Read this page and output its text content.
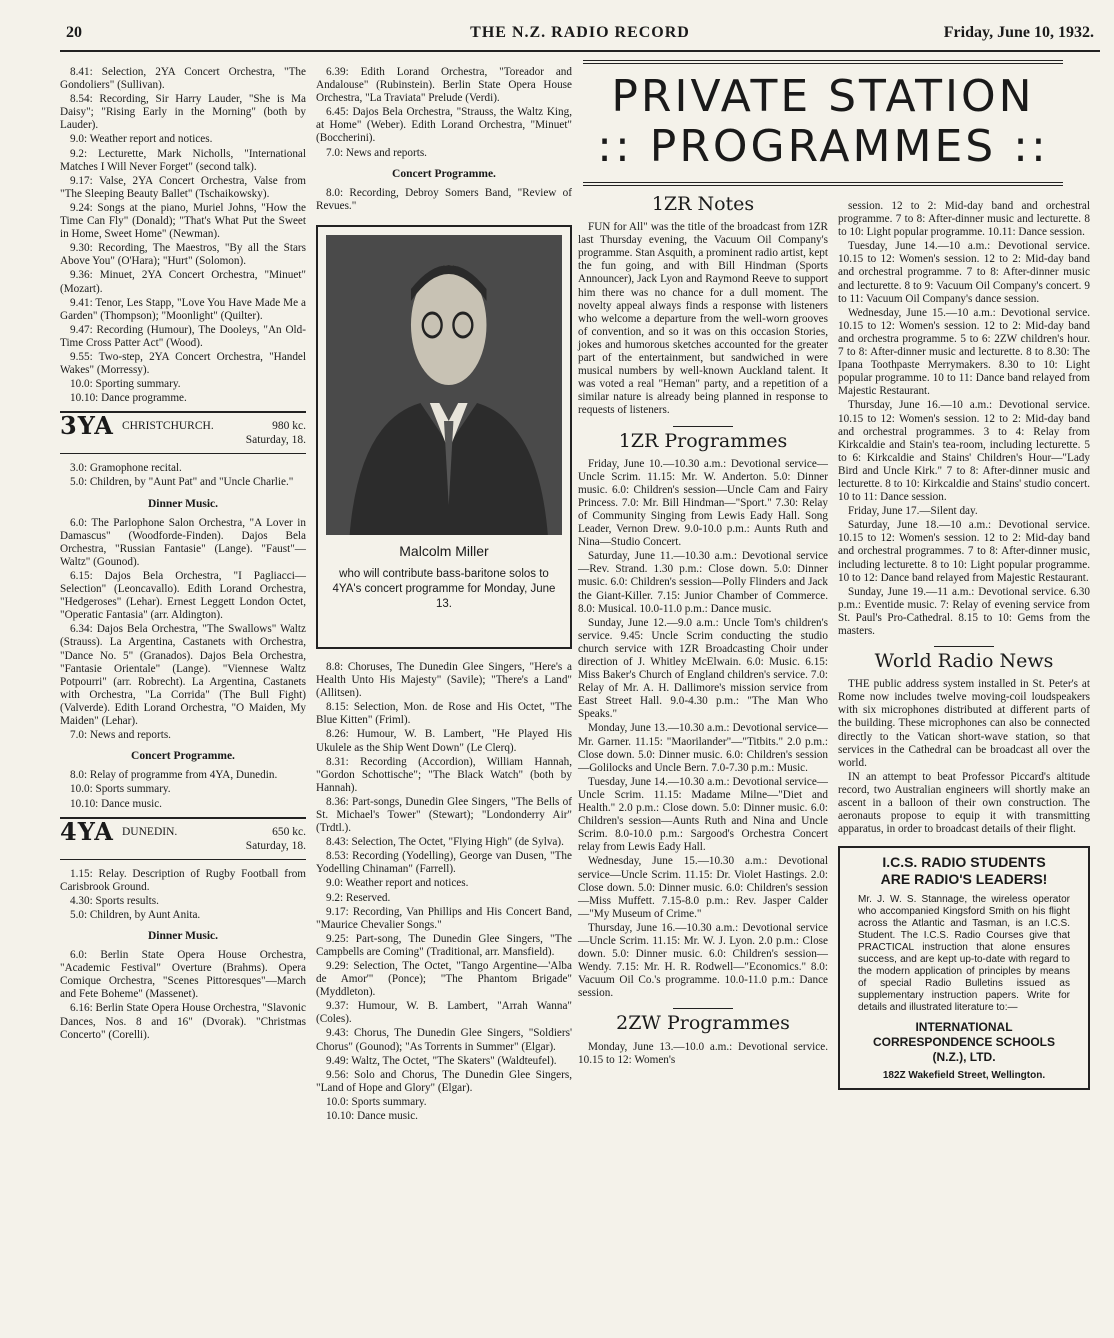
20	THE N.Z. RADIO RECORD	Friday, June 10, 1932.

8.41: Selection, 2YA Concert Orchestra, "The Gondoliers" (Sullivan).

8.54: Recording, Sir Harry Lauder, "She is Ma Daisy"; "Rising Early in the Morning" (both by Lauder).

9.0: Weather report and notices.

9.2: Lecturette, Mark Nicholls, "International Matches I Will Never Forget" (second talk).

9.17: Valse, 2YA Concert Orchestra, Valse from "The Sleeping Beauty Ballet" (Tschaikowsky).

9.24: Songs at the piano, Muriel Johns, "How the Time Can Fly" (Donald); "That's What Put the Sweet in Home, Sweet Home" (Newman).

9.30: Recording, The Maestros, "By all the Stars Above You" (O'Hara); "Hurt" (Solomon).

9.36: Minuet, 2YA Concert Orchestra, "Minuet" (Mozart).

9.41: Tenor, Les Stapp, "Love You Have Made Me a Garden" (Thompson); "Moonlight" (Quilter).

9.47: Recording (Humour), The Dooleys, "An Old-Time Cross Patter Act" (Wood).

9.55: Two-step, 2YA Concert Orchestra, "Handel Wakes" (Morressy).

10.0: Sporting summary.

10.10: Dance programme.

3YA CHRISTCHURCH.	980 kc.
Saturday, 18.

3.0: Gramophone recital.

5.0: Children, by "Aunt Pat" and "Uncle Charlie."

Dinner Music.

6.0: The Parlophone Salon Orchestra, "A Lover in Damascus" (Woodforde-Finden). Dajos Bela Orchestra, "Russian Fantasie" (Lange). "Faust"—Waltz" (Gounod).

6.15: Dajos Bela Orchestra, "I Pagliacci—Selection" (Leoncavallo). Edith Lorand Orchestra, "Hedgeroses" (Lehar). Ernest Leggett London Octet, "Operatic Fantasia" (arr. Aldington).

6.34: Dajos Bela Orchestra, "The Swallows" Waltz (Strauss). La Argentina, Castanets with Orchestra, "Dance No. 5" (Granados). Dajos Bela Orchestra, "Fantasie Orientale" (Lange). "Viennese Waltz Potpourri" (arr. Robrecht). La Argentina, Castanets with Orchestra, "La Corrida" (The Bull Fight) (Valverde). Edith Lorand Orchestra, "O Maiden, My Maiden" (Lehar).

7.0: News and reports.

Concert Programme.

8.0: Relay of programme from 4YA, Dunedin.

10.0: Sports summary.

10.10: Dance music.

4YA DUNEDIN.	650 kc.
Saturday, 18.

1.15: Relay. Description of Rugby Football from Carisbrook Ground.

4.30: Sports results.

5.0: Children, by Aunt Anita.

Dinner Music.

6.0: Berlin State Opera House Orchestra, "Academic Festival" Overture (Brahms). Opera Comique Orchestra, "Scenes Pittoresques"—March and Fete Boheme" (Massenet).

6.16: Berlin State Opera House Orchestra, "Slavonic Dances, Nos. 8 and 16" (Dvorak). "Christmas Concerto" (Corelli).

6.39: Edith Lorand Orchestra, "Toreador and Andalouse" (Rubinstein). Berlin State Opera House Orchestra, "La Traviata" Prelude (Verdi).

6.45: Dajos Bela Orchestra, "Strauss, the Waltz King, at Home" (Weber). Edith Lorand Orchestra, "Minuet" (Boccherini).

7.0: News and reports.

Concert Programme.

8.0: Recording, Debroy Somers Band, "Review of Revues."

Malcolm Miller
who will contribute bass-baritone solos to 4YA's concert programme for Monday, June 13.

8.8: Choruses, The Dunedin Glee Singers, "Here's a Health Unto His Majesty" (Savile); "There's a Land" (Allitsen).

8.15: Selection, Mon. de Rose and His Octet, "The Blue Kitten" (Friml).

8.26: Humour, W. B. Lambert, "He Played His Ukulele as the Ship Went Down" (Le Clerq).

8.31: Recording (Accordion), William Hannah, "Gordon Schottische"; "The Black Watch" (both by Hannah).

8.36: Part-songs, Dunedin Glee Singers, "The Bells of St. Michael's Tower" (Stewart); "Londonderry Air" (Trdtl.).

8.43: Selection, The Octet, "Flying High" (de Sylva).

8.53: Recording (Yodelling), George van Dusen, "The Yodelling Chinaman" (Farrell).

9.0: Weather report and notices.

9.2: Reserved.

9.17: Recording, Van Phillips and His Concert Band, "Maurice Chevalier Songs."

9.25: Part-song, The Dunedin Glee Singers, "The Campbells are Coming" (Traditional, arr. Mansfield).

9.29: Selection, The Octet, "Tango Argentine—'Alba de Amor'" (Ponce); "The Phantom Brigade" (Myddleton).

9.37: Humour, W. B. Lambert, "Arrah Wanna" (Coles).

9.43: Chorus, The Dunedin Glee Singers, "Soldiers' Chorus" (Gounod); "As Torrents in Summer" (Elgar).

9.49: Waltz, The Octet, "The Skaters" (Waldteufel).

9.56: Solo and Chorus, The Dunedin Glee Singers, "Land of Hope and Glory" (Elgar).

10.0: Sports summary.

10.10: Dance music.

PRIVATE STATION
:: PROGRAMMES ::
1ZR Notes

FUN for All" was the title of the broadcast from 1ZR last Thursday evening, the Vacuum Oil Company's programme. Stan Asquith, a prominent radio artist, kept the fun going, and with Bill Hindman (Sports Announcer), Jack Lyon and Raymond Reeve to support him there was no chance for a dull moment. The novelty appeal always finds a response with listeners who welcome a departure from the well-worn grooves of convention, and so it was on this occasion Stories, jokes and humorous sketches accounted for the greater part of the entertainment, but sandwiched in were musical numbers by well-known Auckland talent. It was voted a real "Heman" party, and a repetition of a similar nature is already being planned in response to requests of listeners.

1ZR Programmes

Friday, June 10.—10.30 a.m.: Devotional service—Uncle Scrim. 11.15: Mr. W. Anderton. 5.0: Dinner music. 6.0: Children's session—Uncle Cam and Fairy Princess. 7.0: Mr. Bill Hindman—"Sport." 7.30: Relay of Community Singing from Lewis Eady Hall. Song Leader, Vernon Drew. 9.0-10.0 p.m.: Aunts Ruth and Nina—Studio Concert.

Saturday, June 11.—10.30 a.m.: Devotional service—Rev. Strand. 1.30 p.m.: Close down. 5.0: Dinner music. 6.0: Children's session—Polly Flinders and Jack the Giant-Killer. 7.15: Junior Chamber of Commerce. 8.0: Musical. 10.0-11.0 p.m.: Dance music.

Sunday, June 12.—9.0 a.m.: Uncle Tom's children's service. 9.45: Uncle Scrim conducting the studio church service with 1ZR Broadcasting Choir under direction of J. Whitley McElwain. 6.0: Music. 6.15: Miss Baker's Church of England children's service. 7.0: Relay of Mr. A. H. Dallimore's mission service from East Street Hall. 9.0-4.30 p.m.: "The Man Who Speaks."

Monday, June 13.—10.30 a.m.: Devotional service—Mr. Garner. 11.15: "Maorilander"—"Titbits." 2.0 p.m.: Close down. 5.0: Dinner music. 6.0: Children's session—Golilocks and Uncle Bern. 7.0-7.30 p.m.: Music.

Tuesday, June 14.—10.30 a.m.: Devotional service—Uncle Scrim. 11.15: Madame Milne—"Diet and Health." 2.0 p.m.: Close down. 5.0: Dinner music. 6.0: Children's session—Aunts Ruth and Nina and Uncle Scrim. 8.0-10.0 p.m.: Sargood's Orchestra Concert relay from Lewis Eady Hall.

Wednesday, June 15.—10.30 a.m.: Devotional service—Uncle Scrim. 11.15: Dr. Violet Hastings. 2.0: Close down. 5.0: Dinner music. 6.0: Children's session—Miss Muffett. 7.15-8.0 p.m.: Rev. Jasper Calder—"My Museum of Crime."

Thursday, June 16.—10.30 a.m.: Devotional service—Uncle Scrim. 11.15: Mr. W. J. Lyon. 2.0 p.m.: Close down. 5.0: Dinner music. 6.0: Children's session—Wendy. 7.15: Mr. H. R. Rodwell—"Economics." 8.0: Vacuum Oil Co.'s programme. 10.0-11.0 p.m.: Dance session.

2ZW Programmes

Monday, June 13.—10.0 a.m.: Devotional service. 10.15 to 12: Women's

session. 12 to 2: Mid-day band and orchestral programme. 7 to 8: After-dinner music and lecturette. 8 to 10: Light popular programme. 10.11: Dance session.

Tuesday, June 14.—10 a.m.: Devotional service. 10.15 to 12: Women's session. 12 to 2: Mid-day band and orchestral programme. 7 to 8: After-dinner music and lecturette. 8 to 9: Vacuum Oil Company's concert. 9 to 11: Vacuum Oil Company's dance session.

Wednesday, June 15.—10 a.m.: Devotional service. 10.15 to 12: Women's session. 12 to 2: Mid-day band and orchestra programme. 5 to 6: 2ZW children's hour. 7 to 8: After-dinner music and lecturette. 8 to 8.30: The Ipana Toothpaste Merrymakers. 8.30 to 10: Light popular programme. 10 to 11: Dance band relayed from Majestic Restaurant.

Thursday, June 16.—10 a.m.: Devotional service. 10.15 to 12: Women's session. 12 to 2: Mid-day band and orchestral programmes. 3 to 4: Relay from Kirkcaldie and Stain's tea-room, including lecturette. 5 to 6: Kirkcaldie and Stains' Children's Hour—"Lady Bird and Uncle Kirk." 7 to 8: After-dinner music and lecturette. 8 to 10: Kirkcaldie and Stains' studio concert. 10 to 11: Dance session.

Friday, June 17.—Silent day.

Saturday, June 18.—10 a.m.: Devotional service. 10.15 to 12: Women's session. 12 to 2: Mid-day band and orchestral programmes. 7 to 8: After-dinner music, including lecturette. 8 to 10: Light popular programme. 10 to 12: Dance band relayed from Majestic Restaurant.

Sunday, June 19.—11 a.m.: Devotional service. 6.30 p.m.: Eventide music. 7: Relay of evening service from St. Paul's Pro-Cathedral. 8.15 to 10: Gems from the masters.

World Radio News

THE public address system installed in St. Peter's at Rome now includes twelve moving-coil loudspeakers with six microphones distributed at different parts of the building. These microphones can also be connected directly to the Vatican short-wave station, so that services in the Cathedral can be broadcast all over the world.

IN an attempt to beat Professor Piccard's altitude record, two Australian engineers will shortly make an ascent in a balloon of their own construction. The aeronauts propose to equip it with transmitting apparatus, in order to broadcast details of their flight.

I.C.S. RADIO STUDENTS
ARE RADIO'S LEADERS!
Mr. J. W. S. Stannage, the wireless operator who accompanied Kingsford Smith on his flight across the Atlantic and Tasman, is an I.C.S. Student. The I.C.S. Radio Courses give that PRACTICAL instruction that alone ensures success, and are kept up-to-date with regard to the modern application of principles by means of special Radio Bulletins issued as supplementary instruction papers. Write for details and illustrated literature to:—
INTERNATIONAL
CORRESPONDENCE SCHOOLS
(N.Z.), LTD.
182Z Wakefield Street, Wellington.
